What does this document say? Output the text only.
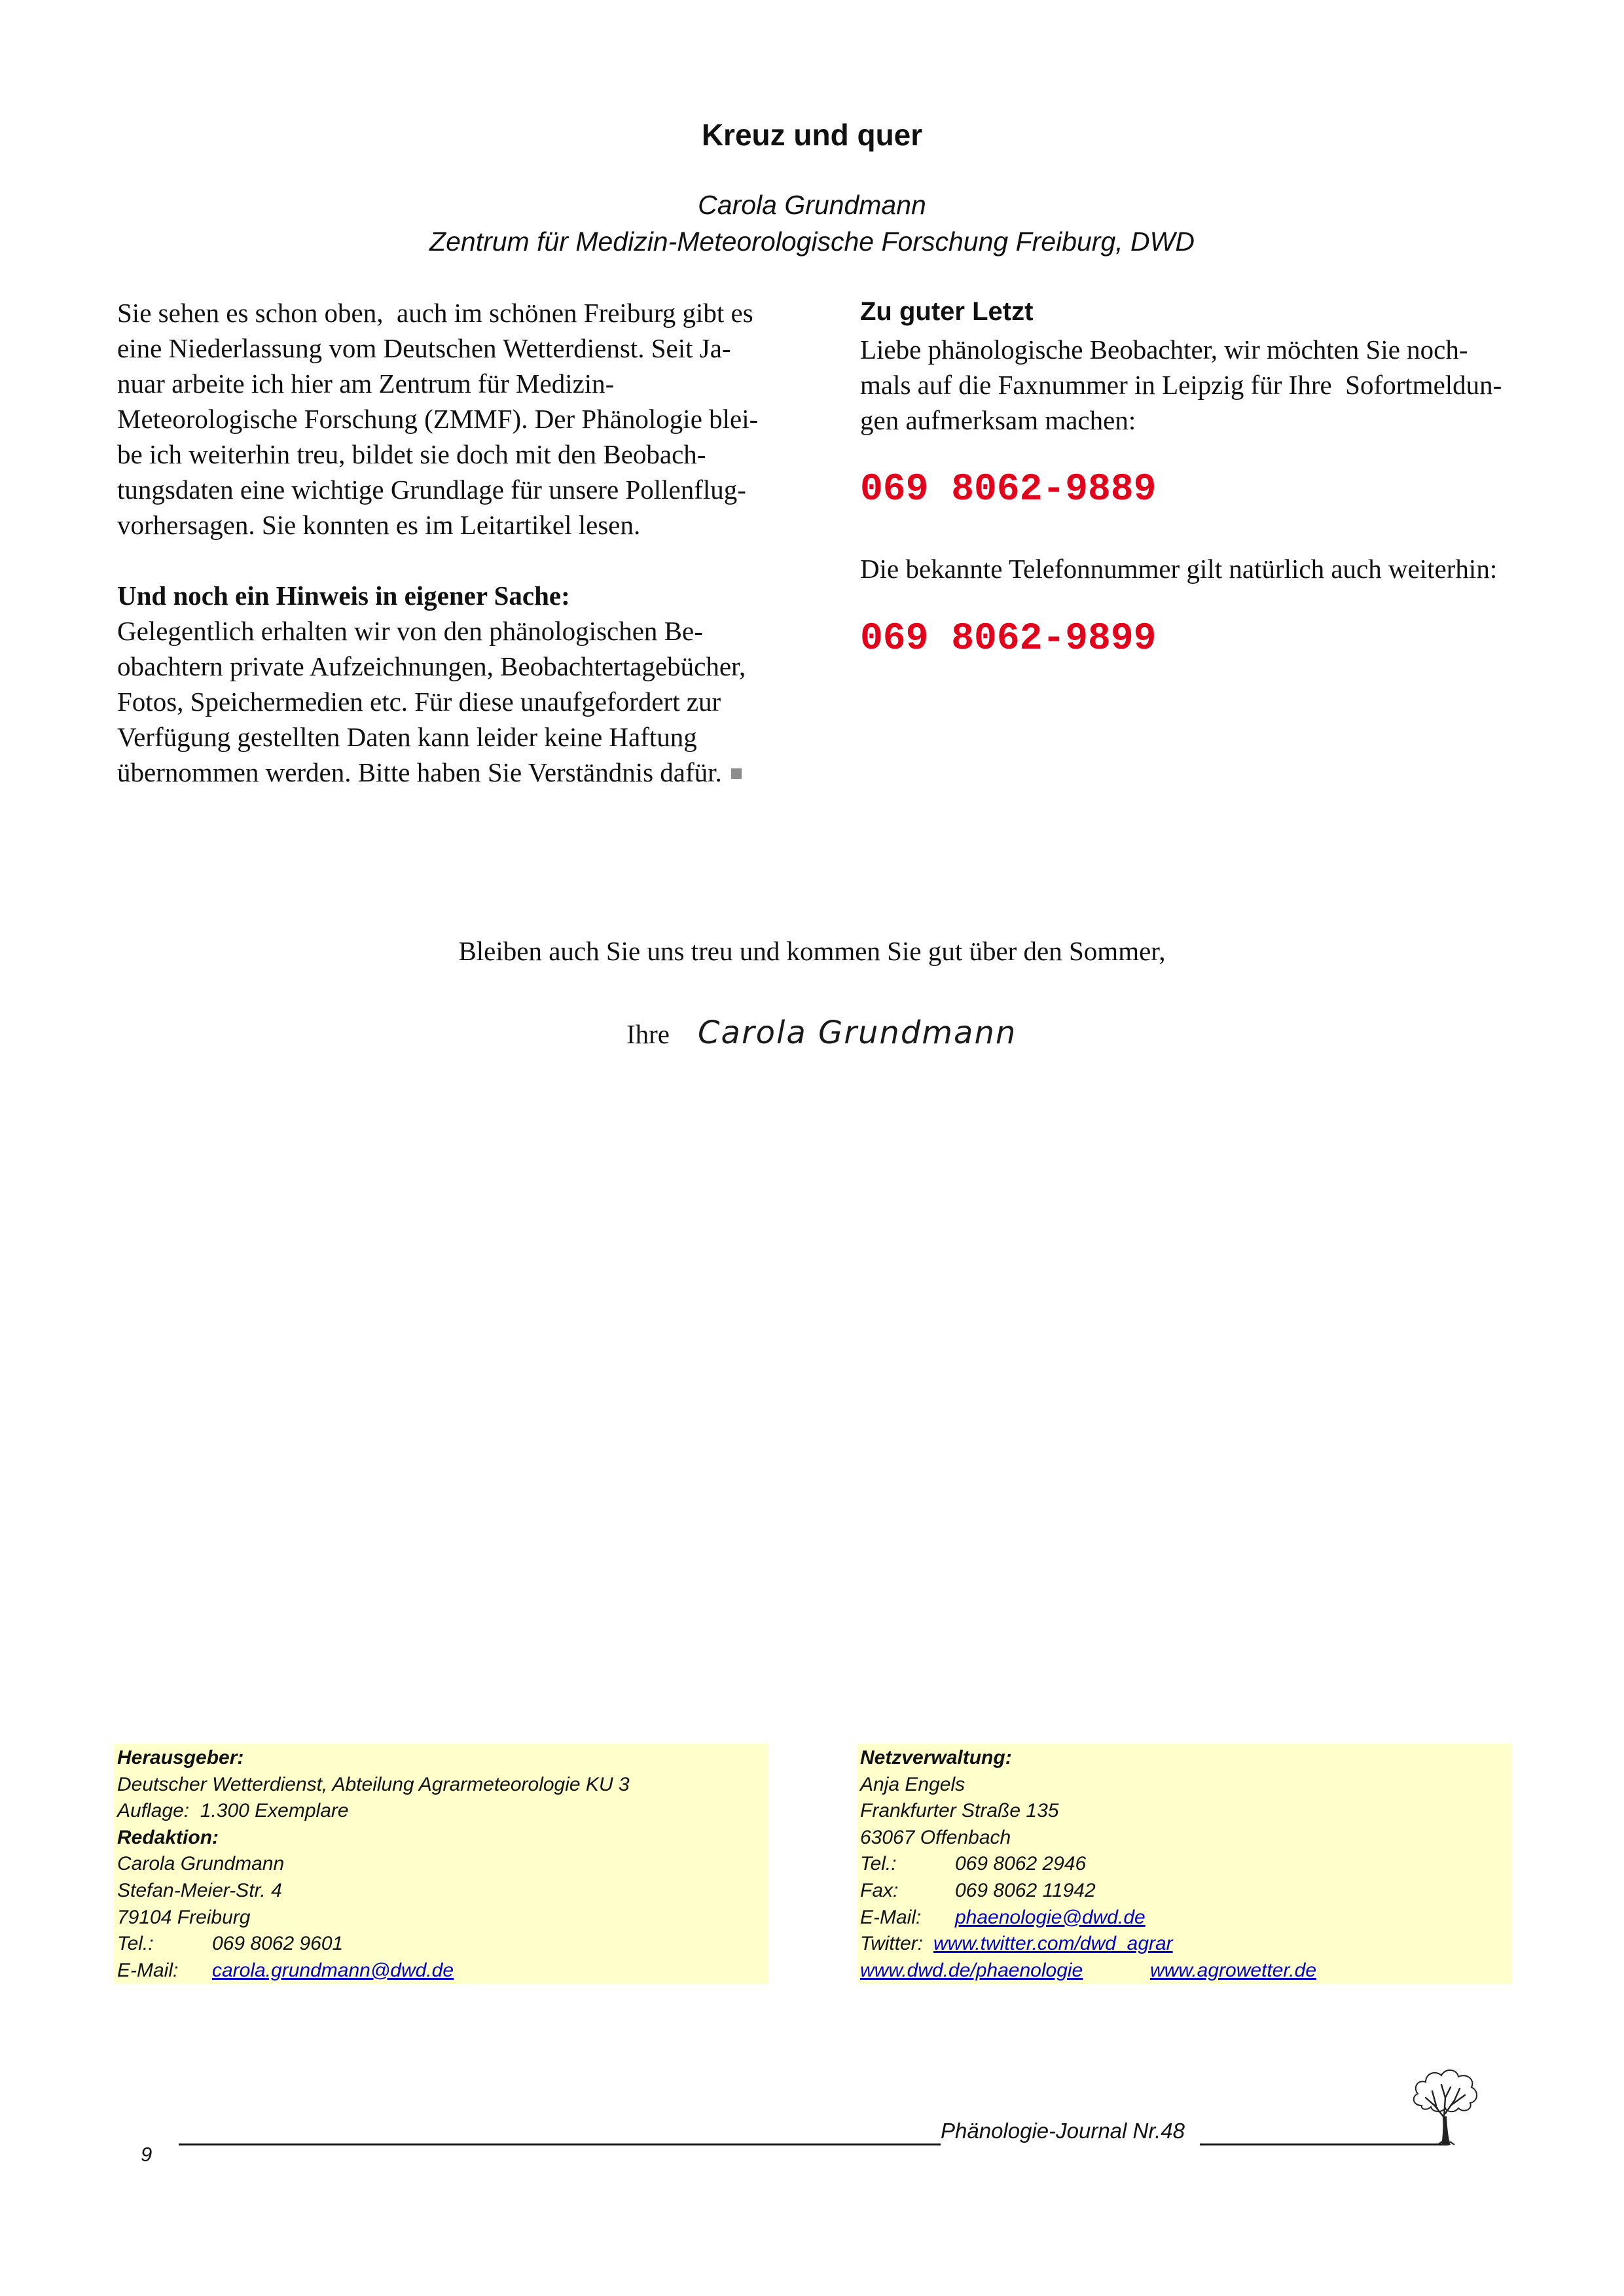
Kreuz und quer
Carola Grundmann
Zentrum für Medizin-Meteorologische Forschung Freiburg, DWD
Sie sehen es schon oben,  auch im schönen Freiburg gibt es
eine Niederlassung vom Deutschen Wetterdienst. Seit Ja-
nuar arbeite ich hier am Zentrum für Medizin-
Meteorologische Forschung (ZMMF). Der Phänologie blei-
be ich weiterhin treu, bildet sie doch mit den Beobach-
tungsdaten eine wichtige Grundlage für unsere Pollenflug-
vorhersagen. Sie konnten es im Leitartikel lesen.
Und noch ein Hinweis in eigener Sache:
Gelegentlich erhalten wir von den phänologischen Be-
obachtern private Aufzeichnungen, Beobachtertagebücher,
Fotos, Speichermedien etc. Für diese unaufgefordert zur
Verfügung gestellten Daten kann leider keine Haftung
übernommen werden. Bitte haben Sie Verständnis dafür.
Zu guter Letzt
Liebe phänologische Beobachter, wir möchten Sie noch-
mals auf die Faxnummer in Leipzig für Ihre  Sofortmeldun-
gen aufmerksam machen:
069 8062-9889
Die bekannte Telefonnummer gilt natürlich auch weiterhin:
069 8062-9899
Bleiben auch Sie uns treu und kommen Sie gut über den Sommer,

Ihre Carola Grundmann

Herausgeber:
Deutscher Wetterdienst, Abteilung Agrarmeteorologie KU 3
Auflage:  1.300 Exemplare
Redaktion:
Carola Grundmann
Stefan-Meier-Str. 4
79104 Freiburg
Tel.:	069 8062 9601
E-Mail: carola.grundmann@dwd.de
Netzverwaltung:
Anja Engels
Frankfurter Straße 135
63067 Offenbach
Tel.:	069 8062 2946
Fax:	069 8062 11942
E-Mail: phaenologie@dwd.de
Twitter: www.twitter.com/dwd_agrar
www.dwd.de/phaenologie	www.agrowetter.de
Phänologie-Journal Nr.48
9
